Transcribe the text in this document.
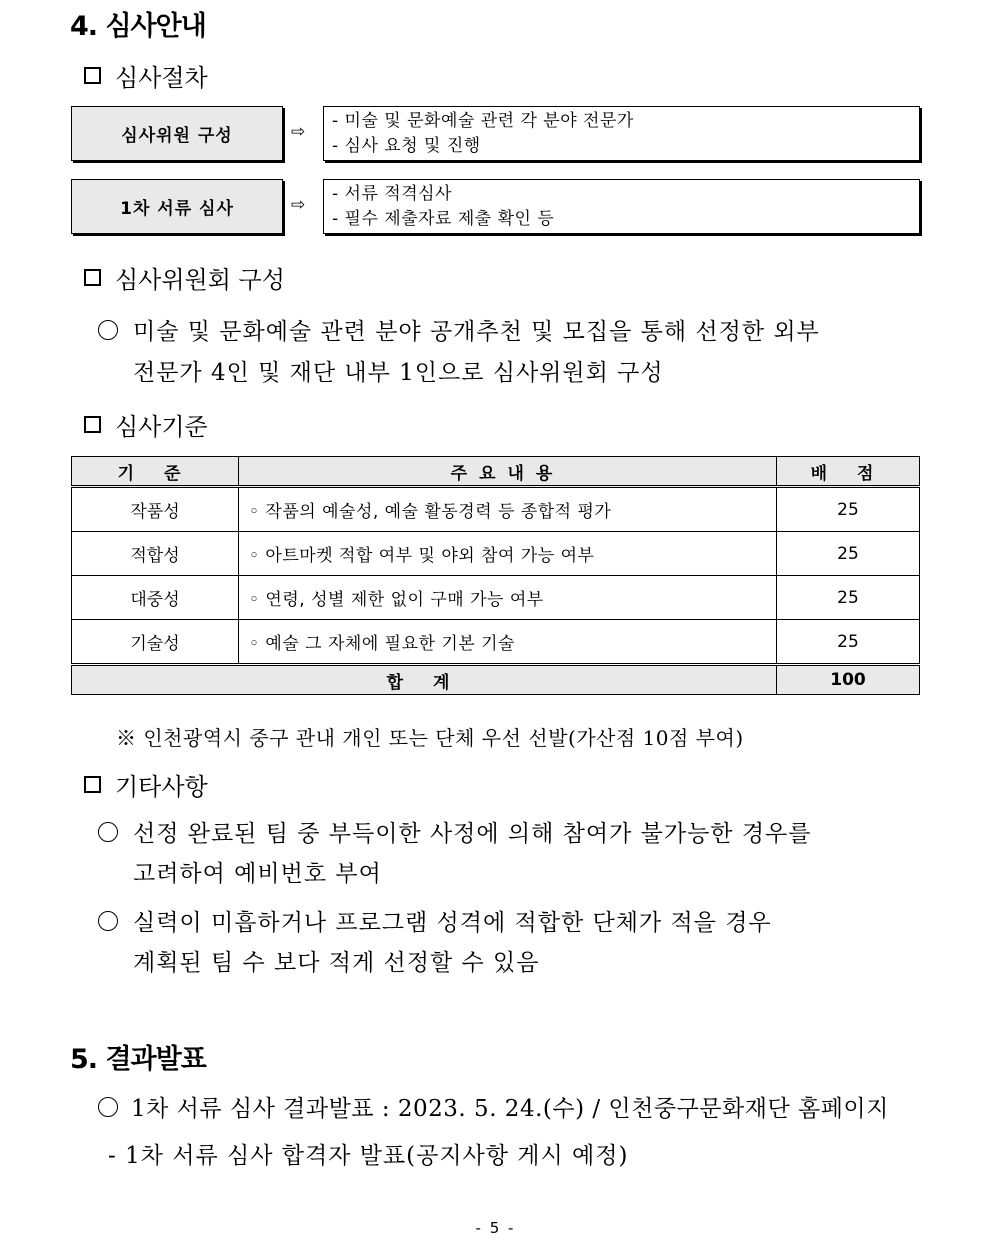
4. 심사안내
심사절차
심사위원 구성	⇨
- 미술 및 문화예술 관련 각 분야 전문가
- 심사 요청 및 진행
1차 서류 심사	⇨
- 서류 적격심사
- 필수 제출자료 제출 확인 등
심사위원회 구성
미술 및 문화예술 관련 분야 공개추천 및 모집을 통해 선정한 외부
전문가 4인 및 재단 내부 1인으로 심사위원회 구성
심사기준
기 준	주요내용	배 점
작품성	◦ 작품의 예술성, 예술 활동경력 등 종합적 평가	25
적합성	◦ 아트마켓 적합 여부 및 야외 참여 가능 여부	25
대중성	◦ 연령, 성별 제한 없이 구매 가능 여부	25
기술성	◦ 예술 그 자체에 필요한 기본 기술	25
합 계		100
※ 인천광역시 중구 관내 개인 또는 단체 우선 선발(가산점 10점 부여)
기타사항
선정 완료된 팀 중 부득이한 사정에 의해 참여가 불가능한 경우를
고려하여 예비번호 부여
실력이 미흡하거나 프로그램 성격에 적합한 단체가 적을 경우
계획된 팀 수 보다 적게 선정할 수 있음
5. 결과발표
1차 서류 심사 결과발표 : 2023. 5. 24.(수) / 인천중구문화재단 홈페이지
- 1차 서류 심사 합격자 발표(공지사항 게시 예정)
- 5 -
